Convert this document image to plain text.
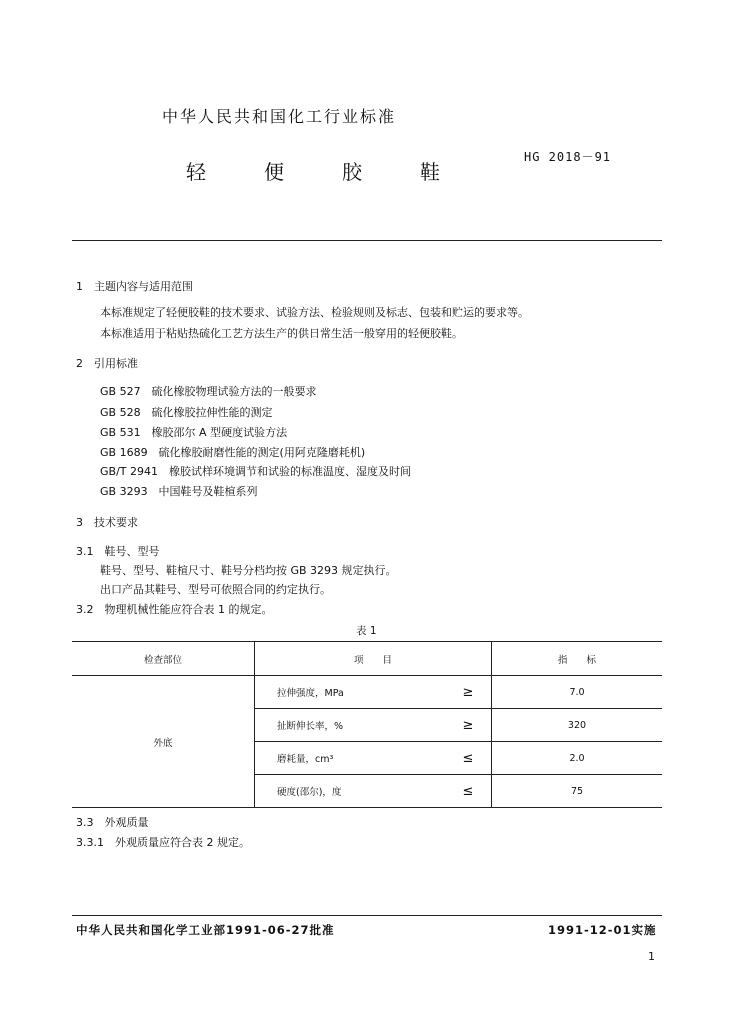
中华人民共和国化工行业标准
轻便胶鞋
HG 2018－91
1　主题内容与适用范围
本标准规定了轻便胶鞋的技术要求、试验方法、检验规则及标志、包装和贮运的要求等。
本标准适用于粘贴热硫化工艺方法生产的供日常生活一般穿用的轻便胶鞋。
2　引用标准
GB 527　硫化橡胶物理试验方法的一般要求
GB 528　硫化橡胶拉伸性能的测定
GB 531　橡胶邵尔 A 型硬度试验方法
GB 1689　硫化橡胶耐磨性能的测定(用阿克隆磨耗机)
GB/T 2941　橡胶试样环境调节和试验的标准温度、湿度及时间
GB 3293　中国鞋号及鞋楦系列
3　技术要求
3.1　鞋号、型号
鞋号、型号、鞋楦尺寸、鞋号分档均按 GB 3293 规定执行。
出口产品其鞋号、型号可依照合同的约定执行。
3.2　物理机械性能应符合表 1 的规定。
表 1
检查部位	项　　目		指　　标
外底	拉伸强度，MPa	≥	7.0
	扯断伸长率，%	≥	320
	磨耗量，cm³	≤	2.0
	硬度(邵尔)，度	≤	75
3.3　外观质量
3.3.1　外观质量应符合表 2 规定。
中华人民共和国化学工业部1991-06-27批准	1991-12-01实施
1
